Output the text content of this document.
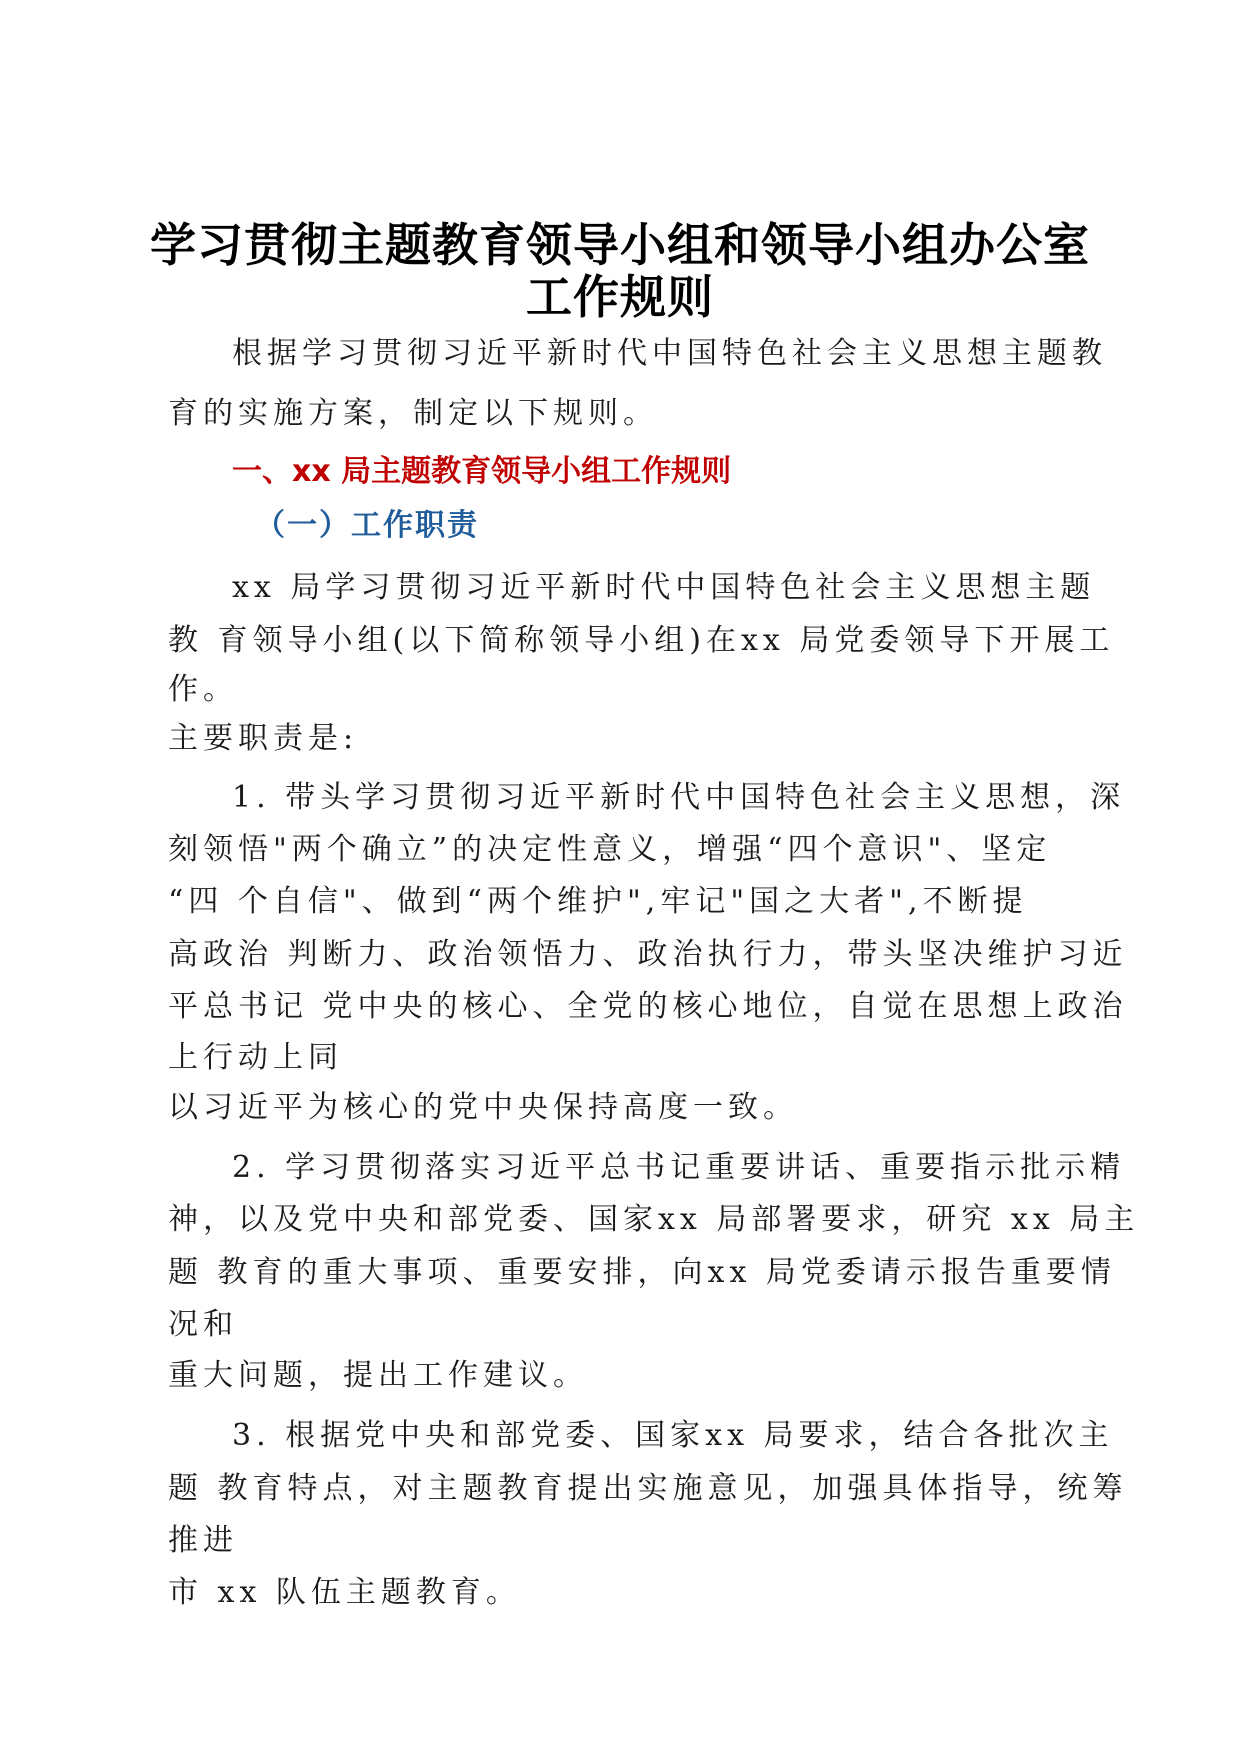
学习贯彻主题教育领导小组和领导小组办公室
工作规则
根据学习贯彻习近平新时代中国特色社会主义思想主题教
育的实施方案，制定以下规则。
一、xx 局主题教育领导小组工作规则
（一）工作职责
xx 局学习贯彻习近平新时代中国特色社会主义思想主题
教 育领导小组(以下简称领导小组)在xx 局党委领导下开展工
作。
主要职责是:
1. 带头学习贯彻习近平新时代中国特色社会主义思想，深
刻领悟"两个确立”的决定性意义，增强“四个意识"、坚定
“四 个自信"、做到“两个维护",牢记"国之大者",不断提
高政治 判断力、政治领悟力、政治执行力，带头坚决维护习近
平总书记 党中央的核心、全党的核心地位，自觉在思想上政治
上行动上同
以习近平为核心的党中央保持高度一致。
2. 学习贯彻落实习近平总书记重要讲话、重要指示批示精
神，以及党中央和部党委、国家xx 局部署要求，研究 xx 局主
题 教育的重大事项、重要安排，向xx 局党委请示报告重要情
况和
重大问题，提出工作建议。
3. 根据党中央和部党委、国家xx 局要求，结合各批次主
题 教育特点，对主题教育提出实施意见，加强具体指导，统筹
推进
市 xx 队伍主题教育。
